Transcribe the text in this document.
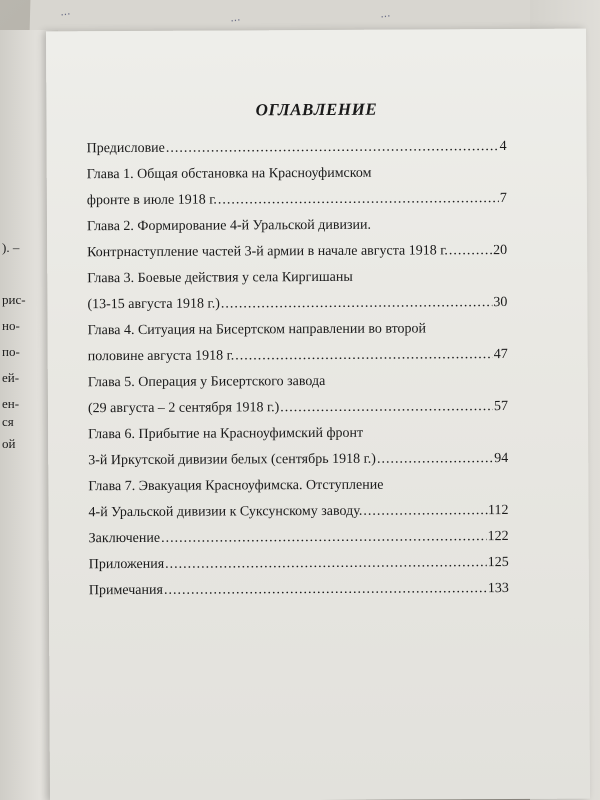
...	...	...
). –
рис-
но-
по-
ей-
ен-
ся
ой
ОГЛАВЛЕНИЕ
Предисловие .....	4
Глава 1. Общая обстановка на Красноуфимском
фронте в июле 1918 г. .....	7
Глава 2. Формирование 4-й Уральской дивизии.
Контрнаступление частей 3-й армии в начале августа 1918 г. .....	20
Глава 3. Боевые действия у села Киргишаны
(13-15 августа 1918 г.) .....	30
Глава 4. Ситуация на Бисертском направлении во второй
половине августа 1918 г. .....	47
Глава 5. Операция у Бисертского завода
(29 августа – 2 сентября 1918 г.) .....	57
Глава 6. Прибытие на Красноуфимский фронт
3-й Иркутской дивизии белых (сентябрь 1918 г.) .....	94
Глава 7. Эвакуация Красноуфимска. Отступление
4-й Уральской дивизии к Суксунскому заводу. .....	112
Заключение .....	122
Приложения .....	125
Примечания .....	133
